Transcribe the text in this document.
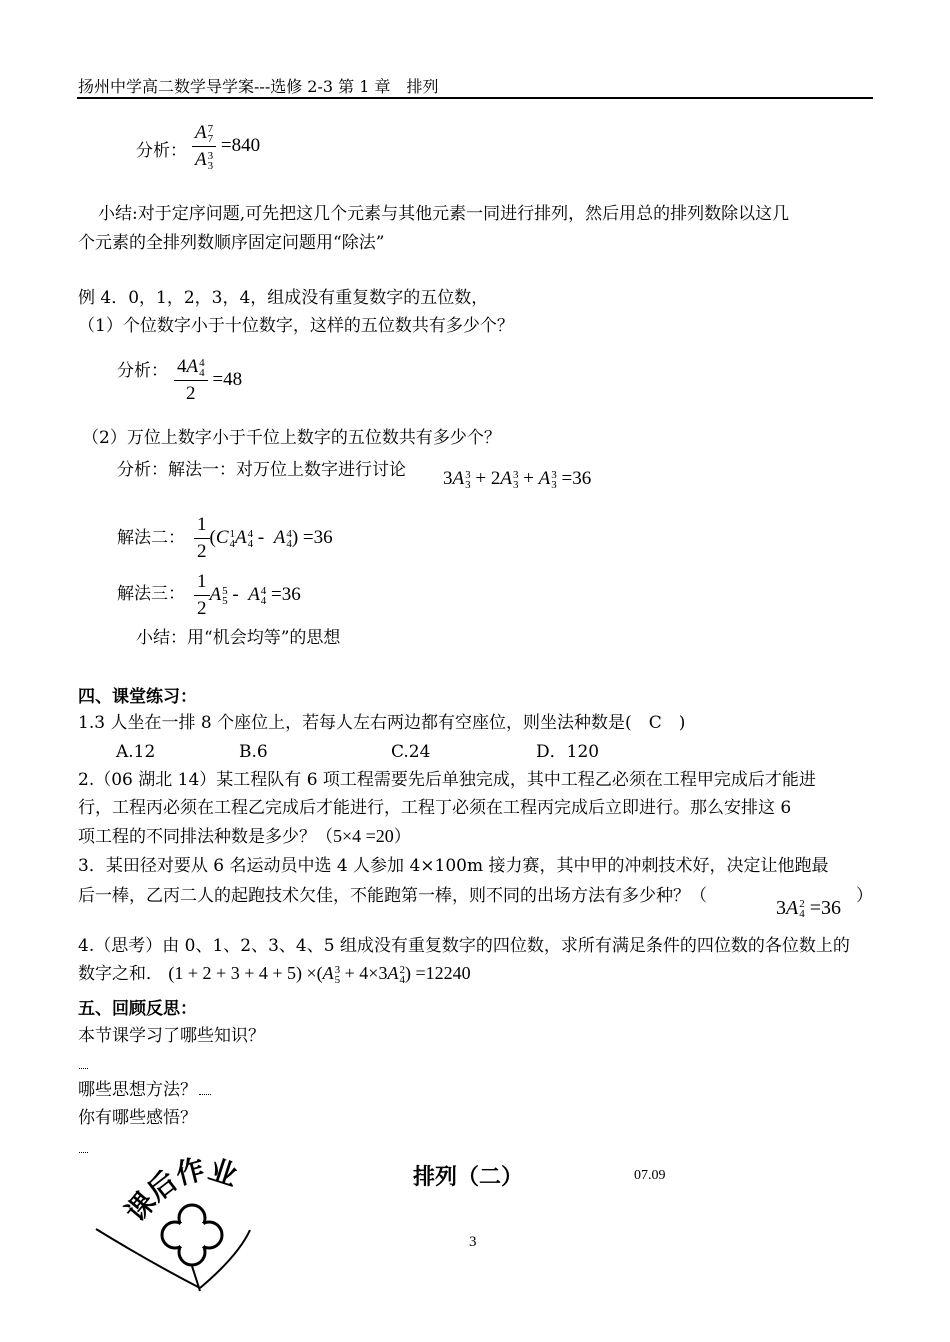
扬州中学高二数学导学案---选修 2-3 第 1 章　排列
分析： A 7
7
A 3
3 =840
小结:对于定序问题,可先把这几个元素与其他元素一同进行排列，然后用总的排列数除以这几
个元素的全排列数顺序固定问题用“除法”
例 4．0，1，2，3，4，组成没有重复数字的五位数，
（1）个位数字小于十位数字，这样的五位数共有多少个？
分析： 4A 4
4
2 =48
（2）万位上数字小于千位上数字的五位数共有多少个？
分析：解法一：对万位上数字进行讨论 3A 3
3 + 2A 3
3 + A 3
3 =36
解法二： $\frac{1}{2} (C$ 1
4 A 4
4 -  A 4
4 ) =36
解法三： $\frac{1}{2}$ A 5
5 -  A 4
4 =36
小结：用“机会均等”的思想
四、课堂练习：
1.3 人坐在一排 8 个座位上，若每人左右两边都有空座位，则坐法种数是(　C　)
A.12	B.6	C.24	D．120
2.（06 湖北 14）某工程队有 6 项工程需要先后单独完成，其中工程乙必须在工程甲完成后才能进
行，工程丙必须在工程乙完成后才能进行，工程丁必须在工程丙完成后立即进行。那么安排这 6
项工程的不同排法种数是多少？（5×4 =20）
3．某田径对要从 6 名运动员中选 4 人参加 4×100m 接力赛，其中甲的冲刺技术好，决定让他跑最
后一棒，乙丙二人的起跑技术欠佳，不能跑第一棒，则不同的出场方法有多少种？（
3A 2
4 =36
）
4.（思考）由 0、1、2、3、4、5 组成没有重复数字的四位数，求所有满足条件的四位数的各位数上的
数字之和． (1 + 2 + 3 + 4 + 5) ×(A 3
5 + 4×3A 2
4 ) =12240
五、回顾反思：
本节课学习了哪些知识？
哪些思想方法？
你有哪些感悟？
课后作业	排列（二）	07.09
3
